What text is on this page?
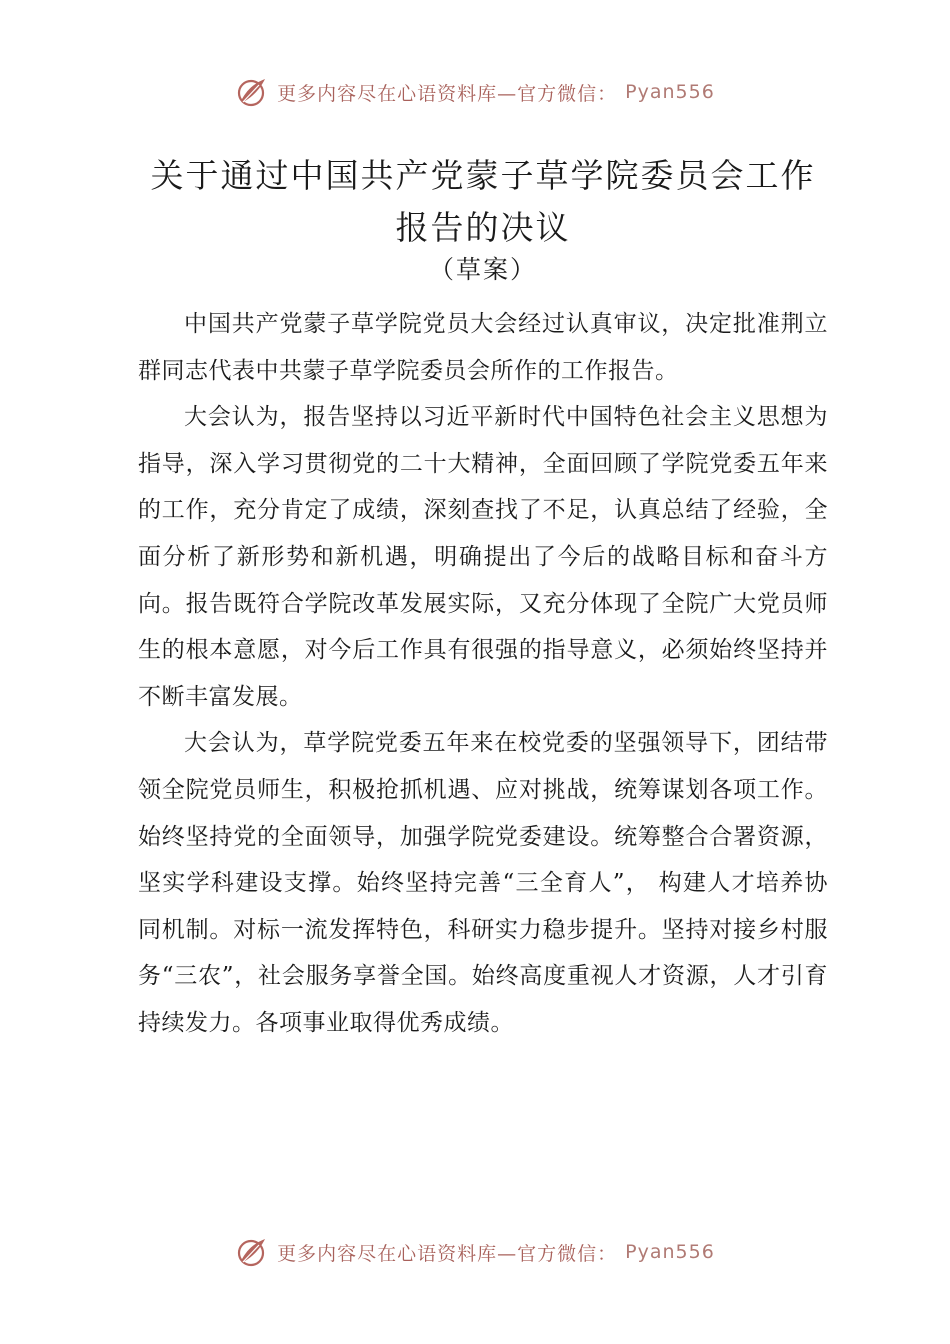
更多内容尽在心语资料库—官方微信： Pyan556
关于通过中国共产党蒙子草学院委员会工作报告的决议
（草案）

中国共产党蒙子草学院党员大会经过认真审议，决定批准荆立群同志代表中共蒙子草学院委员会所作的工作报告。

大会认为，报告坚持以习近平新时代中国特色社会主义思想为指导，深入学习贯彻党的二十大精神，全面回顾了学院党委五年来的工作，充分肯定了成绩，深刻查找了不足，认真总结了经验，全面分析了新形势和新机遇，明确提出了今后的战略目标和奋斗方向。报告既符合学院改革发展实际，又充分体现了全院广大党员师生的根本意愿，对今后工作具有很强的指导意义，必须始终坚持并不断丰富发展。

大会认为，草学院党委五年来在校党委的坚强领导下，团结带领全院党员师生，积极抢抓机遇、应对挑战，统筹谋划各项工作。始终坚持党的全面领导，加强学院党委建设。统筹整合合署资源，坚实学科建设支撑。始终坚持完善“三全育人”， 构建人才培养协同机制。对标一流发挥特色，科研实力稳步提升。坚持对接乡村服务“三农”，社会服务享誉全国。始终高度重视人才资源，人才引育持续发力。各项事业取得优秀成绩。

更多内容尽在心语资料库—官方微信： Pyan556
